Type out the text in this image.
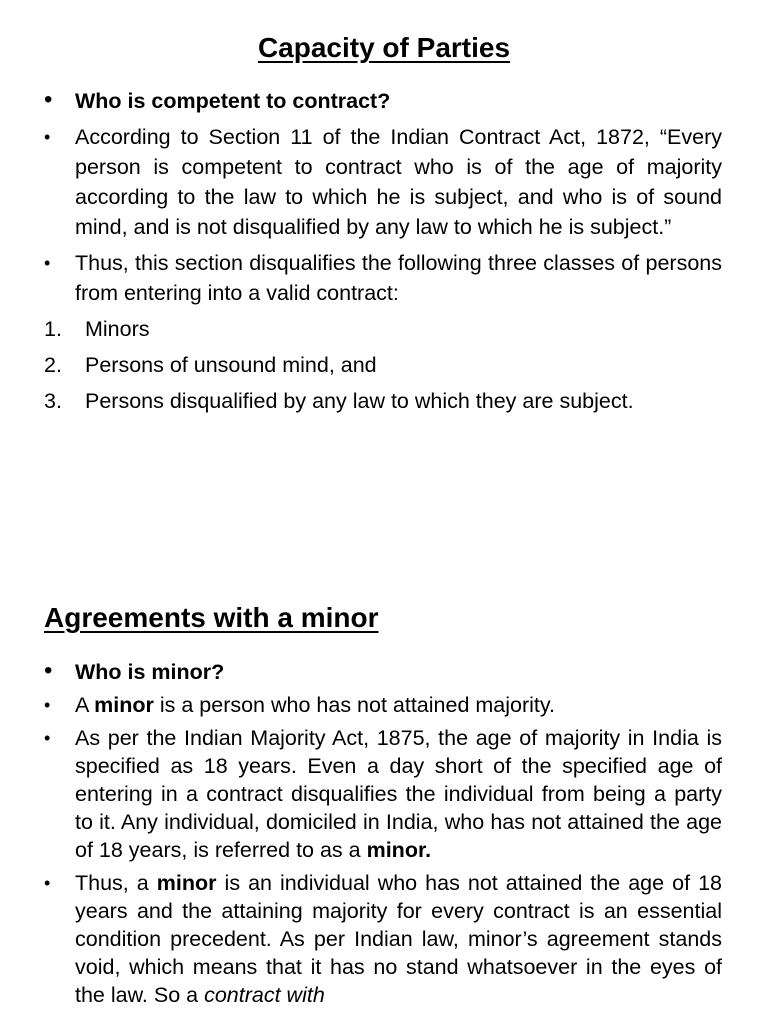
Capacity of Parties
•	Who is competent to contract?
•	According to Section 11 of the Indian Contract Act, 1872, “Every person is competent to contract who is of the age of majority according to the law to which he is subject, and who is of sound mind, and is not disqualified by any law to which he is subject.”
•	Thus, this section disqualifies the following three classes of persons from entering into a valid contract:
1.	Minors
2.	Persons of unsound mind, and
3.	Persons disqualified by any law to which they are subject.
Agreements with a minor
•	Who is minor?
•	A minor is a person who has not attained majority.
•	As per the Indian Majority Act, 1875, the age of majority in India is specified as 18 years. Even a day short of the specified age of entering in a contract disqualifies the individual from being a party to it. Any individual, domiciled in India, who has not attained the age of 18 years, is referred to as a minor.
•	Thus, a minor is an individual who has not attained the age of 18 years and the attaining majority for every contract is an essential condition precedent. As per Indian law, minor’s agreement stands void, which means that it has no stand whatsoever in the eyes of the law. So a contract with
